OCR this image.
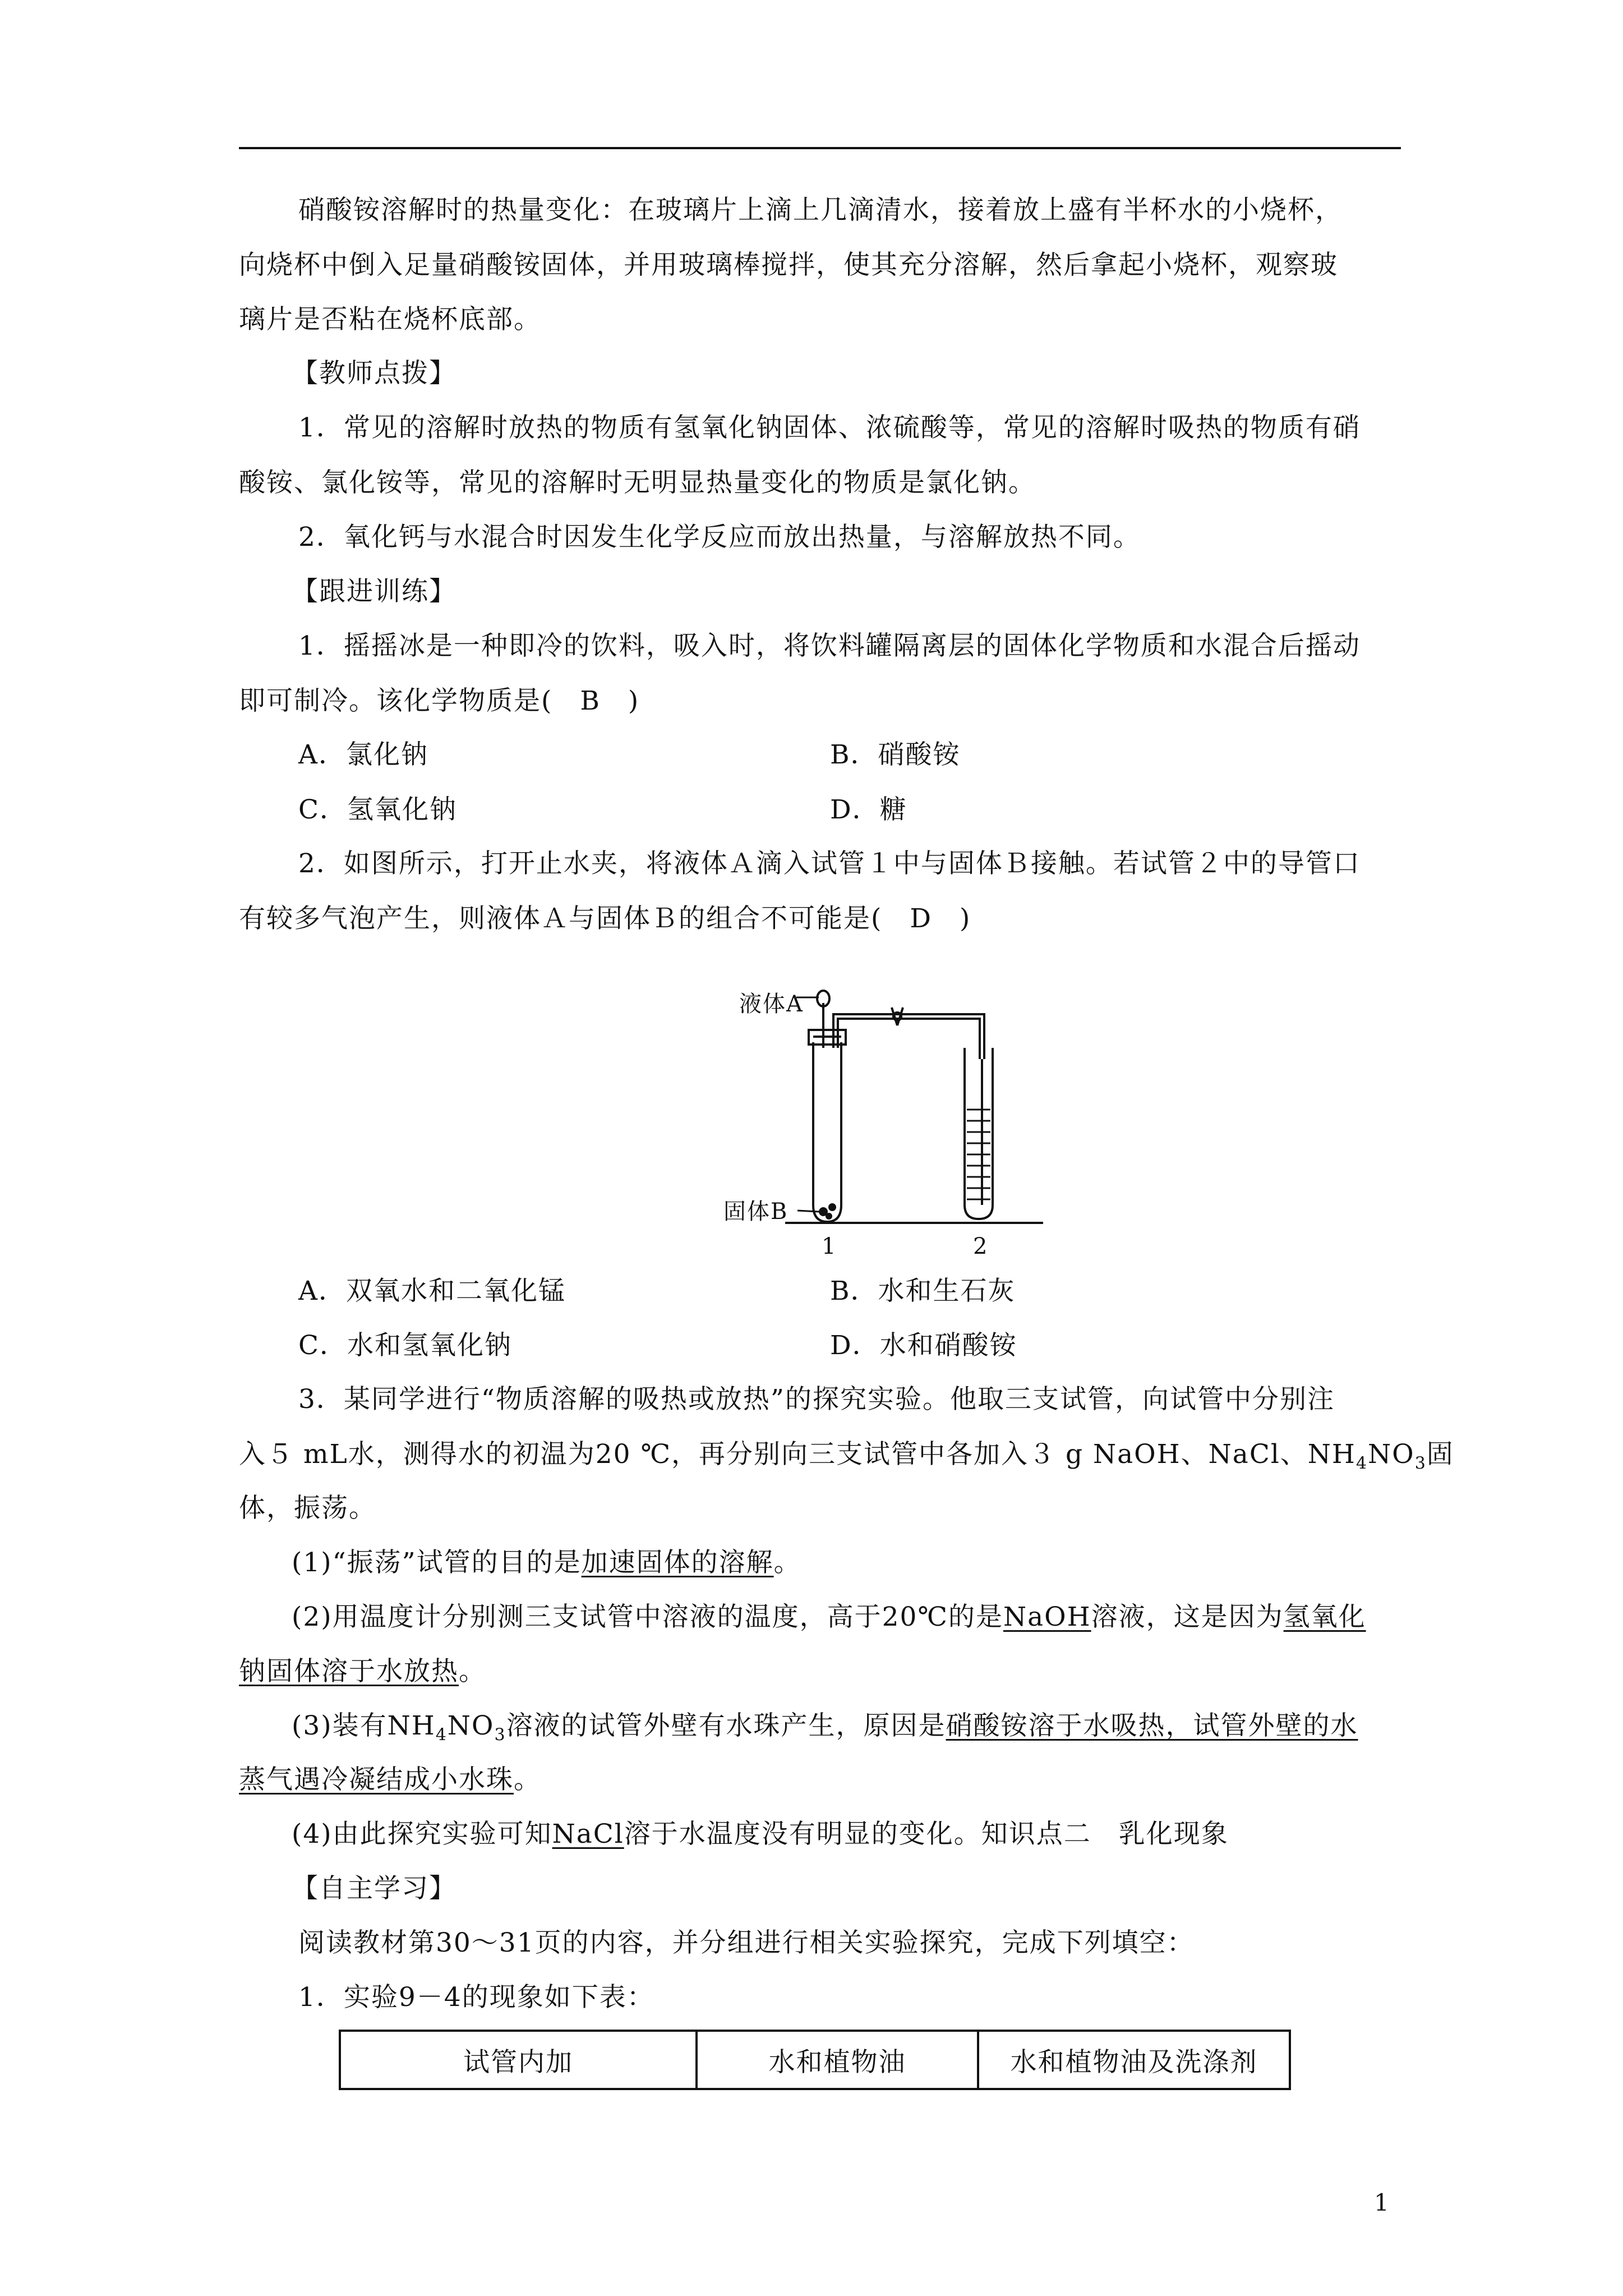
硝酸铵溶解时的热量变化：在玻璃片上滴上几滴清水，接着放上盛有半杯水的小烧杯，
向烧杯中倒入足量硝酸铵固体，并用玻璃棒搅拌，使其充分溶解，然后拿起小烧杯，观察玻
璃片是否粘在烧杯底部。
【教师点拨】
1．常见的溶解时放热的物质有氢氧化钠固体、浓硫酸等，常见的溶解时吸热的物质有硝
酸铵、氯化铵等，常见的溶解时无明显热量变化的物质是氯化钠。
2．氧化钙与水混合时因发生化学反应而放出热量，与溶解放热不同。
【跟进训练】
1．摇摇冰是一种即冷的饮料，吸入时，将饮料罐隔离层的固体化学物质和水混合后摇动
即可制冷。该化学物质是(　B　)
A．氯化钠	B．硝酸铵
C．氢氧化钠	D．糖
2．如图所示，打开止水夹，将液体Ａ滴入试管１中与固体Ｂ接触。若试管２中的导管口
有较多气泡产生，则液体Ａ与固体Ｂ的组合不可能是(　D　)
液体A
固体B
1	2
A．双氧水和二氧化锰	B．水和生石灰
C．水和氢氧化钠	D．水和硝酸铵
3．某同学进行“物质溶解的吸热或放热”的探究实验。他取三支试管，向试管中分别注
入５ mL水，测得水的初温为20 ℃，再分别向三支试管中各加入３ g NaOH、NaCl、$NH_4NO_3$固
体，振荡。
(1)“振荡”试管的目的是加速固体的溶解。
(2)用温度计分别测三支试管中溶液的温度，高于20℃的是NaOH溶液，这是因为氢氧化
钠固体溶于水放热。
(3)装有$NH_4NO_3$溶液的试管外壁有水珠产生，原因是硝酸铵溶于水吸热，试管外壁的水
蒸气遇冷凝结成小水珠。
(4)由此探究实验可知NaCl溶于水温度没有明显的变化。知识点二　乳化现象
【自主学习】
阅读教材第30～31页的内容，并分组进行相关实验探究，完成下列填空：
1．实验9－4的现象如下表：
试管内加	水和植物油	水和植物油及洗涤剂
1
